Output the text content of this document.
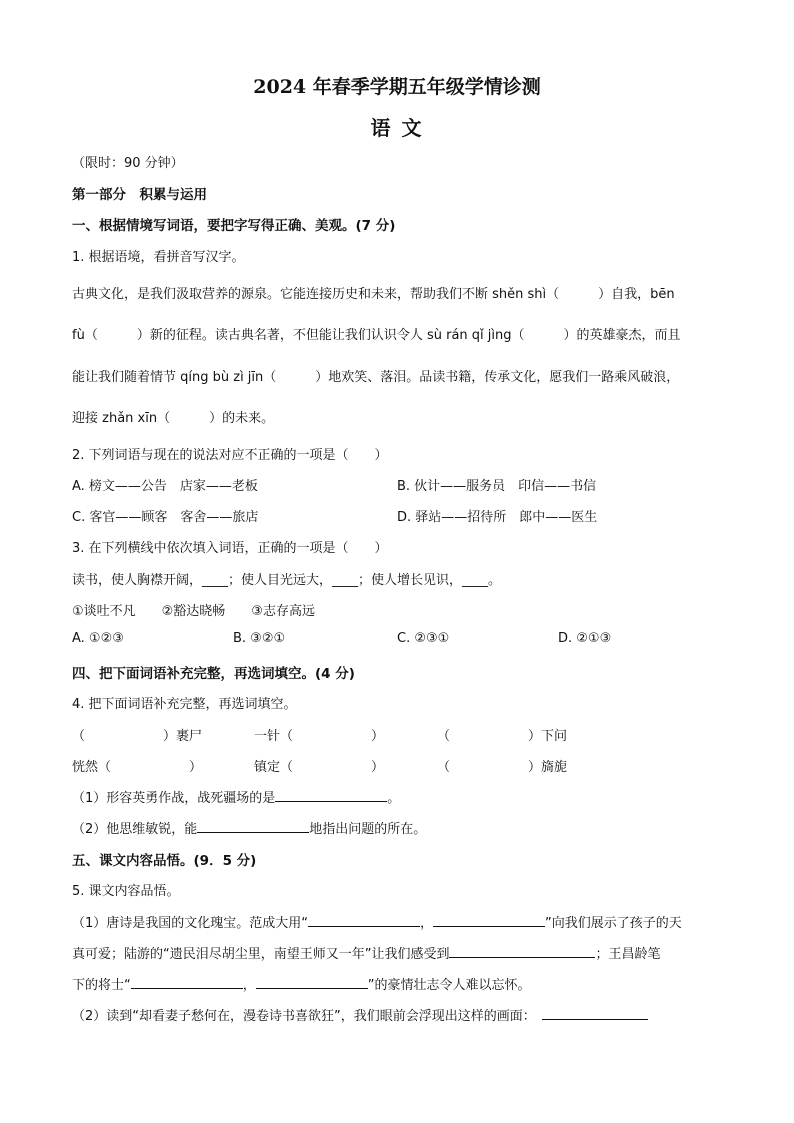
2024 年春季学期五年级学情诊测
语 文
（限时：90 分钟）
第一部分　积累与运用
一、根据情境写词语，要把字写得正确、美观。(7 分)
1. 根据语境，看拼音写汉字。
古典文化，是我们汲取营养的源泉。它能连接历史和未来，帮助我们不断 shěn shì（　　　）自我，bēn
fù（　　　）新的征程。读古典名著，不但能让我们认识令人 sù rán qǐ jìng（　　　）的英雄豪杰，而且
能让我们随着情节 qíng bù zì jīn（　　　）地欢笑、落泪。品读书籍，传承文化，愿我们一路乘风破浪，
迎接 zhǎn xīn（　　　）的未来。
2. 下列词语与现在的说法对应不正确的一项是（　　）
A. 榜文——公告　店家——老板	B. 伙计——服务员　印信——书信
C. 客官——顾客　客舍——旅店	D. 驿站——招待所　郎中——医生
3. 在下列横线中依次填入词语，正确的一项是（　　）
读书，使人胸襟开阔，____；使人目光远大，____；使人增长见识，____。
①谈吐不凡　　②豁达晓畅　　③志存高远
A. ①②③	B. ③②①	C. ②③①	D. ②①③
四、把下面词语补充完整，再选词填空。(4 分)
4. 把下面词语补充完整，再选词填空。
（　　　　　　）裹尸	一针（　　　　　　）	（　　　　　　）下问
恍然（　　　　　　）	镇定（　　　　　　）	（　　　　　　）旖旎
（1）形容英勇作战，战死疆场的是	。
（2）他思维敏锐，能	地指出问题的所在。
五、课文内容品悟。(9．5 分)
5. 课文内容品悟。
（1）唐诗是我国的文化瑰宝。范成大用“	，	”向我们展示了孩子的天
真可爱；陆游的“遗民泪尽胡尘里，南望王师又一年”让我们感受到	；王昌龄笔
下的将士“	，	”的豪情壮志令人难以忘怀。
（2）读到“却看妻子愁何在，漫卷诗书喜欲狂”，我们眼前会浮现出这样的画面：
